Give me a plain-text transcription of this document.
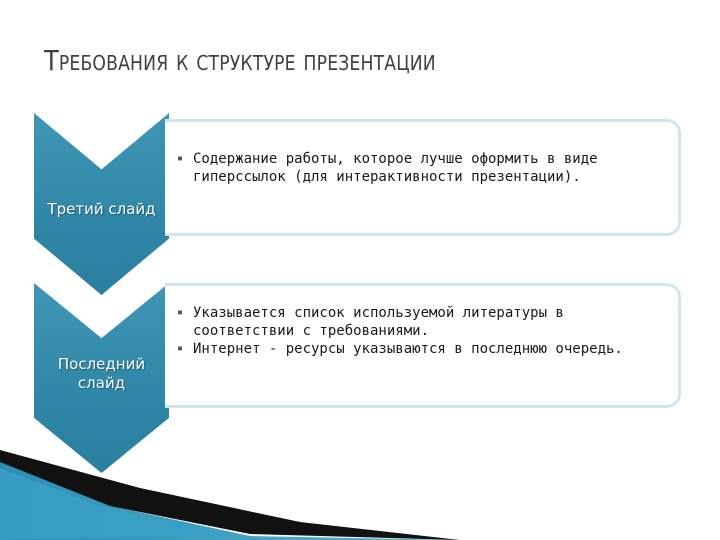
Требования к структуре презентации
Третий слайд
▪ Содержание работы, которое лучше оформить в виде гиперссылок (для интерактивности презентации).
Последний слайд
▪ Указывается список используемой литературы в соответствии с требованиями.
▪ Интернет - ресурсы указываются в последнюю очередь.
